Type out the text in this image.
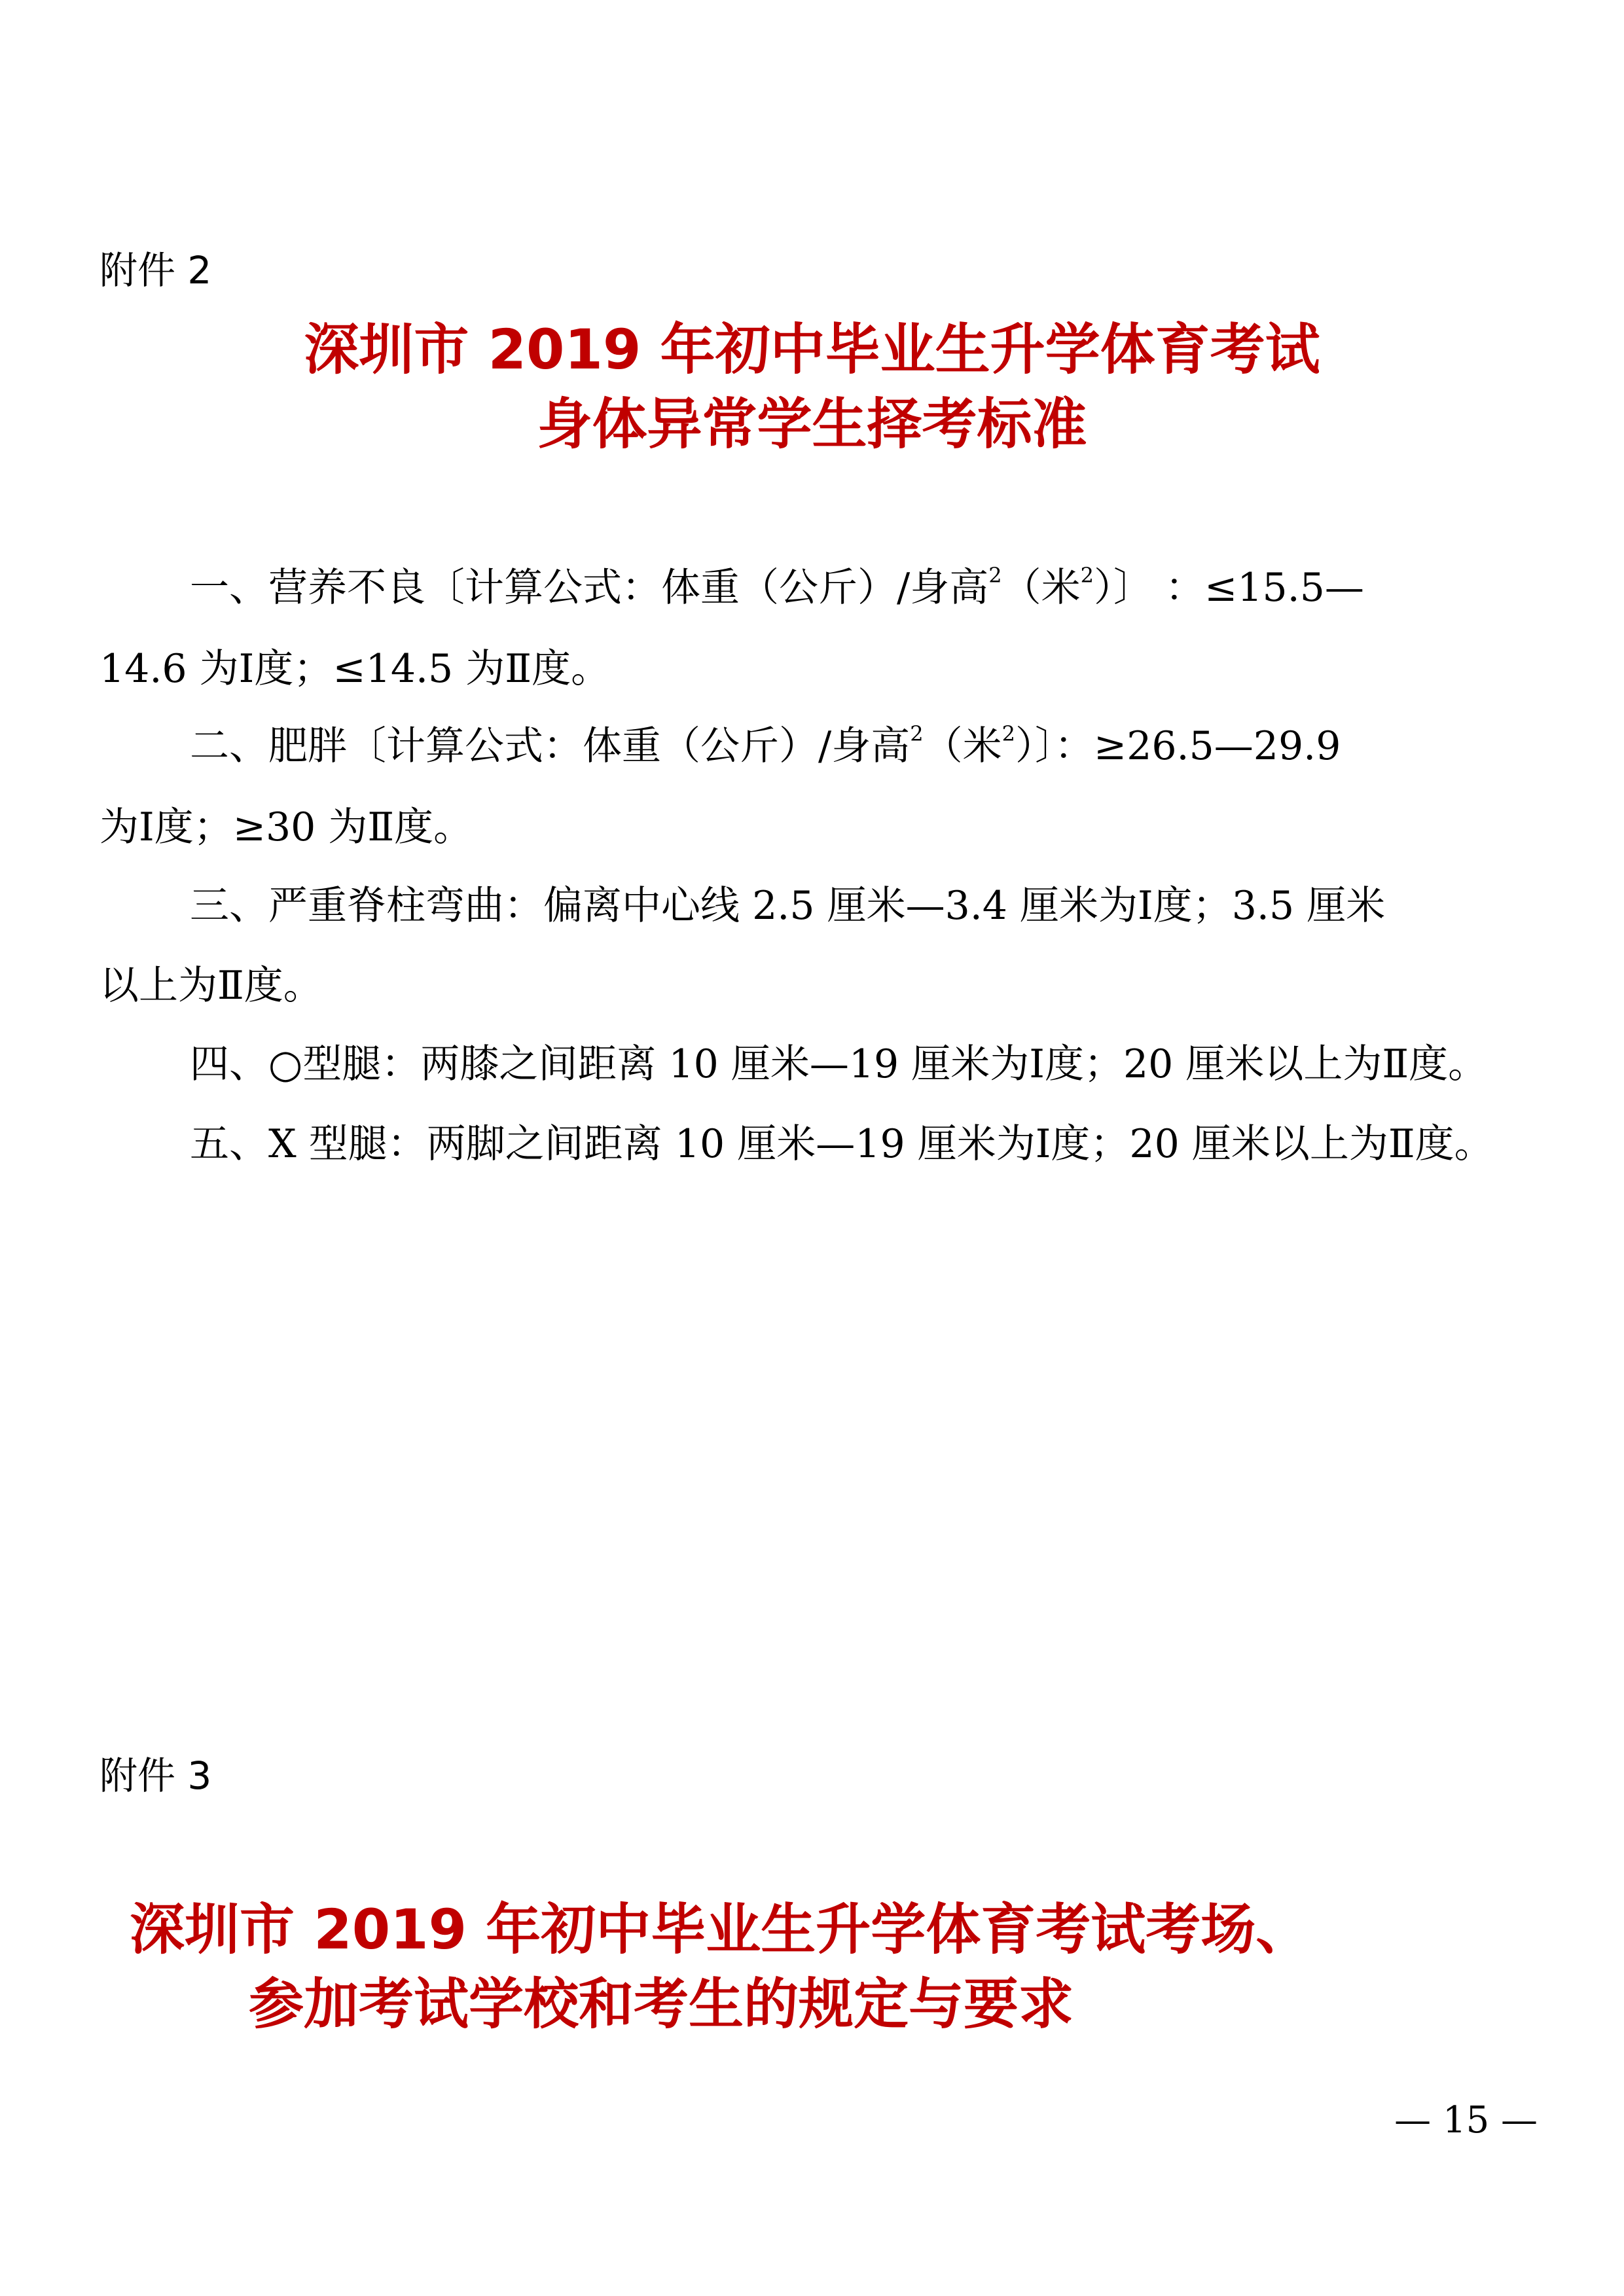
附件 2
深圳市 2019 年初中毕业生升学体育考试
身体异常学生择考标准
一、营养不良〔计算公式：体重（公斤）/身高$^2$（米$^2$）〕 ：≤15.5—
14.6 为Ⅰ度；≤14.5 为Ⅱ度。
二、肥胖〔计算公式：体重（公斤）/身高$^2$（米$^2$）〕：≥26.5—29.9
为Ⅰ度；≥30 为Ⅱ度。
三、严重脊柱弯曲：偏离中心线 2.5 厘米—3.4 厘米为Ⅰ度；3.5 厘米
以上为Ⅱ度。
四、○型腿：两膝之间距离 10 厘米—19 厘米为Ⅰ度；20 厘米以上为Ⅱ度。
五、X 型腿：两脚之间距离 10 厘米—19 厘米为Ⅰ度；20 厘米以上为Ⅱ度。
附件 3
深圳市 2019 年初中毕业生升学体育考试考场、
参加考试学校和考生的规定与要求
— 15 —
